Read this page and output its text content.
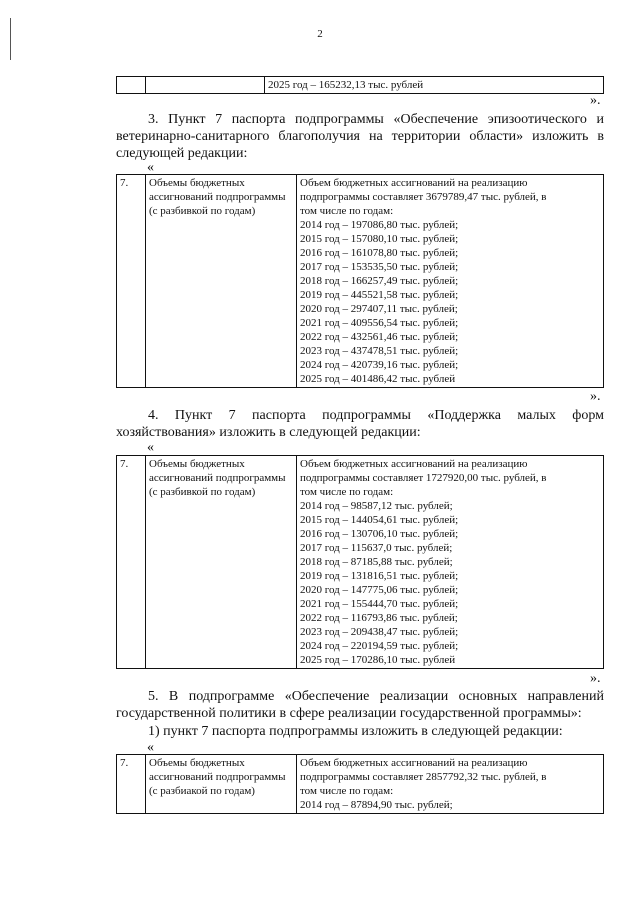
2
		2025 год – 165232,13 тыс. рублей
».
3. Пункт 7 паспорта подпрограммы «Обеспечение эпизоотического и ветеринарно-санитарного благополучия на территории области» изложить в следующей редакции:
«
7.	Объемы бюджетных ассигнований подпрограммы (с разбивкой по годам)	
Объем бюджетных ассигнований на реализацию
подпрограммы составляет 3679789,47 тыс. рублей, в
том числе по годам:
2014 год – 197086,80 тыс. рублей;
2015 год – 157080,10 тыс. рублей;
2016 год – 161078,80 тыс. рублей;
2017 год – 153535,50 тыс. рублей;
2018 год – 166257,49 тыс. рублей;
2019 год – 445521,58 тыс. рублей;
2020 год – 297407,11 тыс. рублей;
2021 год – 409556,54 тыс. рублей;
2022 год – 432561,46 тыс. рублей;
2023 год – 437478,51 тыс. рублей;
2024 год – 420739,16 тыс. рублей;
2025 год – 401486,42 тыс. рублей
».
4. Пункт 7 паспорта подпрограммы «Поддержка малых форм хозяйствования» изложить в следующей редакции:
«
7.	Объемы бюджетных ассигнований подпрограммы (с разбивкой по годам)	
Объем бюджетных ассигнований на реализацию
подпрограммы составляет 1727920,00 тыс. рублей, в
том числе по годам:
2014 год – 98587,12 тыс. рублей;
2015 год – 144054,61 тыс. рублей;
2016 год – 130706,10 тыс. рублей;
2017 год – 115637,0 тыс. рублей;
2018 год – 87185,88 тыс. рублей;
2019 год – 131816,51 тыс. рублей;
2020 год – 147775,06 тыс. рублей;
2021 год – 155444,70 тыс. рублей;
2022 год – 116793,86 тыс. рублей;
2023 год – 209438,47 тыс. рублей;
2024 год – 220194,59 тыс. рублей;
2025 год – 170286,10 тыс. рублей
».
5. В подпрограмме «Обеспечение реализации основных направлений государственной политики в сфере реализации государственной программы»:
1) пункт 7 паспорта подпрограммы изложить в следующей редакции:
«
7.	Объемы бюджетных ассигнований подпрограммы (с разбиакой по годам)	
Объем бюджетных ассигнований на реализацию
подпрограммы составляет 2857792,32 тыс. рублей, в
том числе по годам:
2014 год – 87894,90 тыс. рублей;
